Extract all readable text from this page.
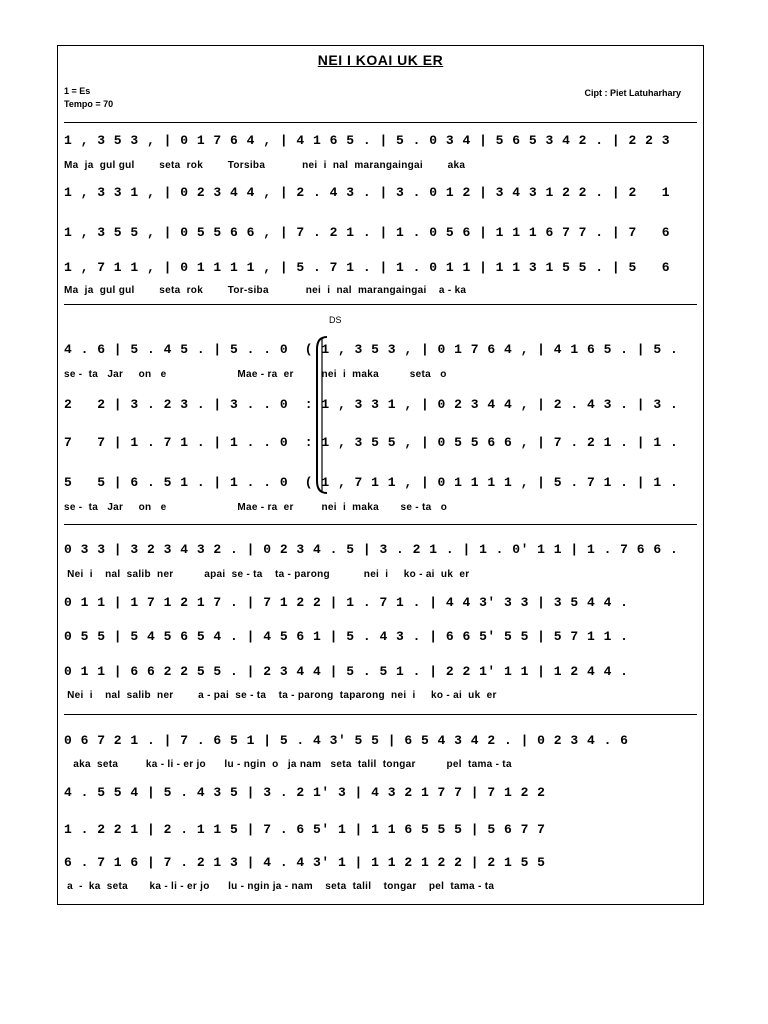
NEI I KOAI UK ER
1 = Es
Tempo = 70
Cipt : Piet Latuharhary
1 , 3 5 3 , | 0 1 7 6 4 , | 4 1 6 5 . | 5 . 0 3 4 | 5 6 5 3 4 2 . | 2 2 3
Ma  ja  gul gul        seta  rok        Torsiba            nei  i  nal  marangaingai        aka
1 , 3 3 1 , | 0 2 3 4 4 , | 2 . 4 3 . | 3 . 0 1 2 | 3 4 3 1 2 2 . | 2   1
1 , 3 5 5 , | 0 5 5 6 6 , | 7 . 2 1 . | 1 . 0 5 6 | 1 1 1 6 7 7 . | 7   6
1 , 7 1 1 , | 0 1 1 1 1 , | 5 . 7 1 . | 1 . 0 1 1 | 1 1 3 1 5 5 . | 5   6
Ma  ja  gul gul        seta  rok        Tor-siba            nei  i  nal  marangaingai    a - ka
DS
4 . 6 | 5 . 4 5 . | 5 . . 0  ( 1 , 3 5 3 , | 0 1 7 6 4 , | 4 1 6 5 . | 5 .
se -  ta   Jar     on   e                       Mae - ra  er         nei  i  maka          seta   o
2   2 | 3 . 2 3 . | 3 . . 0  : 1 , 3 3 1 , | 0 2 3 4 4 , | 2 . 4 3 . | 3 .
7   7 | 1 . 7 1 . | 1 . . 0  : 1 , 3 5 5 , | 0 5 5 6 6 , | 7 . 2 1 . | 1 .
5   5 | 6 . 5 1 . | 1 . . 0  ( 1 , 7 1 1 , | 0 1 1 1 1 , | 5 . 7 1 . | 1 .
se -  ta   Jar     on   e                       Mae - ra  er         nei  i  maka       se - ta   o
0 3 3 | 3 2 3 4 3 2 . | 0 2 3 4 . 5 | 3 . 2 1 . | 1 . 0' 1 1 | 1 . 7 6 6 .
Nei  i    nal  salib  ner          apai  se - ta    ta - parong           nei  i     ko - ai  uk  er
0 1 1 | 1 7 1 2 1 7 . | 7 1 2 2 | 1 . 7 1 . | 4 4 3' 3 3 | 3 5 4 4 .
0 5 5 | 5 4 5 6 5 4 . | 4 5 6 1 | 5 . 4 3 . | 6 6 5' 5 5 | 5 7 1 1 .
0 1 1 | 6 6 2 2 5 5 . | 2 3 4 4 | 5 . 5 1 . | 2 2 1' 1 1 | 1 2 4 4 .
Nei  i    nal  salib  ner        a - pai  se - ta    ta - parong  taparong  nei  i     ko - ai  uk  er
0 6 7 2 1 . | 7 . 6 5 1 | 5 . 4 3' 5 5 | 6 5 4 3 4 2 . | 0 2 3 4 . 6
aka  seta         ka - li - er jo      lu - ngin  o   ja nam   seta  talil  tongar          pel  tama - ta
4 . 5 5 4 | 5 . 4 3 5 | 3 . 2 1' 3 | 4 3 2 1 7 7 | 7 1 2 2
1 . 2 2 1 | 2 . 1 1 5 | 7 . 6 5' 1 | 1 1 6 5 5 5 | 5 6 7 7
6 . 7 1 6 | 7 . 2 1 3 | 4 . 4 3' 1 | 1 1 2 1 2 2 | 2 1 5 5
a  -  ka  seta       ka - li - er jo      lu - ngin ja - nam    seta  talil    tongar    pel  tama - ta
